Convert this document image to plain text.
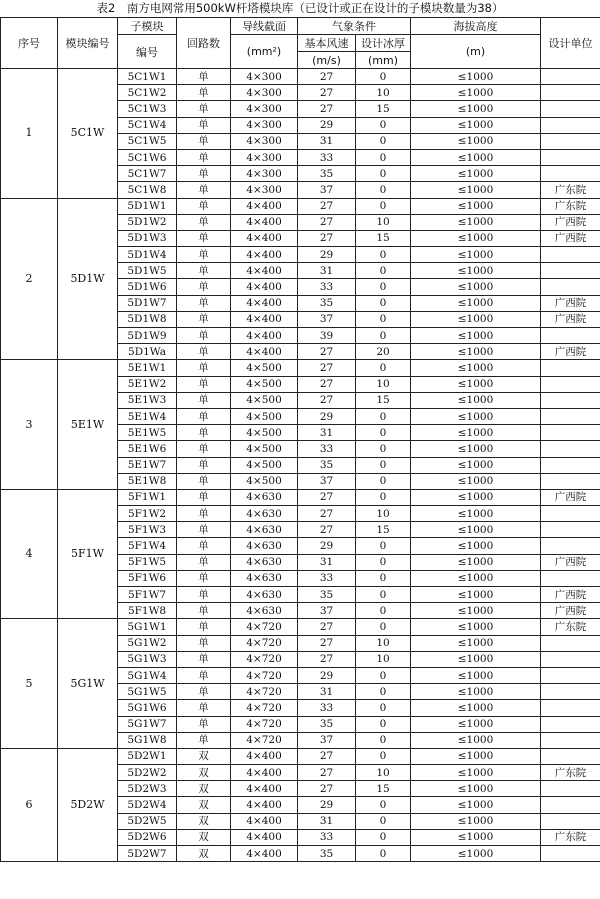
表2　南方电网常用500kW杆塔模块库（已设计或正在设计的子模块数量为38）
序号	模块编号	子模块	回路数	导线截面	气象条件		海拔高度	设计单位
		编号		(mm²)	基本风速	设计冰厚	(m)	
					(m/s)	(mm)		
1	5C1W	5C1W1	单	4×300	27	0	≤1000	
		5C1W2	单	4×300	27	10	≤1000	
		5C1W3	单	4×300	27	15	≤1000	
		5C1W4	单	4×300	29	0	≤1000	
		5C1W5	单	4×300	31	0	≤1000	
		5C1W6	单	4×300	33	0	≤1000	
		5C1W7	单	4×300	35	0	≤1000	
		5C1W8	单	4×300	37	0	≤1000	广东院
2	5D1W	5D1W1	单	4×400	27	0	≤1000	广东院
		5D1W2	单	4×400	27	10	≤1000	广西院
		5D1W3	单	4×400	27	15	≤1000	广西院
		5D1W4	单	4×400	29	0	≤1000	
		5D1W5	单	4×400	31	0	≤1000	
		5D1W6	单	4×400	33	0	≤1000	
		5D1W7	单	4×400	35	0	≤1000	广西院
		5D1W8	单	4×400	37	0	≤1000	广西院
		5D1W9	单	4×400	39	0	≤1000	
		5D1Wa	单	4×400	27	20	≤1000	广西院
3	5E1W	5E1W1	单	4×500	27	0	≤1000	
		5E1W2	单	4×500	27	10	≤1000	
		5E1W3	单	4×500	27	15	≤1000	
		5E1W4	单	4×500	29	0	≤1000	
		5E1W5	单	4×500	31	0	≤1000	
		5E1W6	单	4×500	33	0	≤1000	
		5E1W7	单	4×500	35	0	≤1000	
		5E1W8	单	4×500	37	0	≤1000	
4	5F1W	5F1W1	单	4×630	27	0	≤1000	广西院
		5F1W2	单	4×630	27	10	≤1000	
		5F1W3	单	4×630	27	15	≤1000	
		5F1W4	单	4×630	29	0	≤1000	
		5F1W5	单	4×630	31	0	≤1000	广西院
		5F1W6	单	4×630	33	0	≤1000	
		5F1W7	单	4×630	35	0	≤1000	广西院
		5F1W8	单	4×630	37	0	≤1000	广西院
5	5G1W	5G1W1	单	4×720	27	0	≤1000	广东院
		5G1W2	单	4×720	27	10	≤1000	
		5G1W3	单	4×720	27	10	≤1000	
		5G1W4	单	4×720	29	0	≤1000	
		5G1W5	单	4×720	31	0	≤1000	
		5G1W6	单	4×720	33	0	≤1000	
		5G1W7	单	4×720	35	0	≤1000	
		5G1W8	单	4×720	37	0	≤1000	
6	5D2W	5D2W1	双	4×400	27	0	≤1000	
		5D2W2	双	4×400	27	10	≤1000	广东院
		5D2W3	双	4×400	27	15	≤1000	
		5D2W4	双	4×400	29	0	≤1000	
		5D2W5	双	4×400	31	0	≤1000	
		5D2W6	双	4×400	33	0	≤1000	广东院
		5D2W7	双	4×400	35	0	≤1000	
